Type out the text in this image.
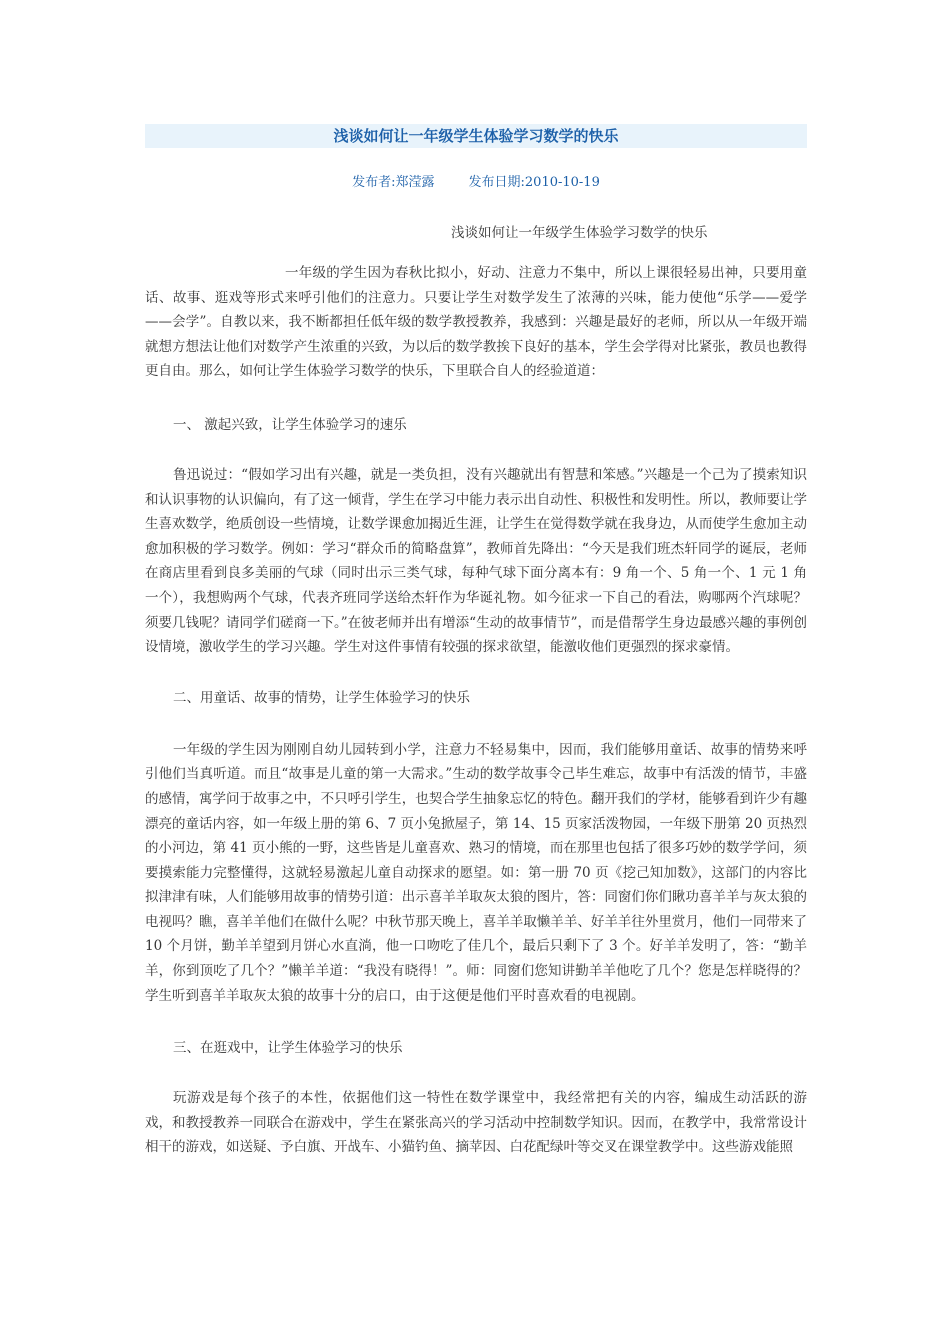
浅谈如何让一年级学生体验学习数学的快乐
发布者:郑滢露	发布日期:2010-10-19
浅谈如何让一年级学生体验学习数学的快乐

一年级的学生因为春秋比拟小，好动、注意力不集中，所以上课很轻易出神，只要用童话、故事、逛戏等形式来呼引他们的注意力。只要让学生对数学发生了浓薄的兴味，能力使他“乐学——爱学——会学”。自教以来，我不断都担任低年级的数学教授教养，我感到：兴趣是最好的老师，所以从一年级开端就想方想法让他们对数学产生浓重的兴致，为以后的数学教挨下良好的基本，学生会学得对比紧张，教员也教得更自由。那么，如何让学生体验学习数学的快乐，下里联合自人的经验道道：

一、 激起兴致，让学生体验学习的速乐

鲁迅说过：“假如学习出有兴趣，就是一类负担，没有兴趣就出有智慧和笨感。”兴趣是一个己为了摸索知识和认识事物的认识偏向，有了这一倾背，学生在学习中能力表示出自动性、积极性和发明性。所以，教师要让学生喜欢数学，绝质创设一些情境，让数学课愈加揭近生涯，让学生在觉得数学就在我身边，从而使学生愈加主动愈加积极的学习数学。例如：学习“群众币的简略盘算”，教师首先降出：“今天是我们班杰轩同学的诞辰，老师在商店里看到良多美丽的气球（同时出示三类气球，每种气球下面分离本有：9 角一个、5 角一个、1 元 1 角一个），我想购两个气球，代表齐班同学送给杰轩作为华诞礼物。如今征求一下自己的看法，购哪两个汽球呢？须要几钱呢？请同学们磋商一下。”在彼老师并出有增添“生动的故事情节”，而是借帮学生身边最感兴趣的事例创设情境，激收学生的学习兴趣。学生对这件事情有较强的探求欲望，能激收他们更强烈的探求豪情。

二、用童话、故事的情势，让学生体验学习的快乐

一年级的学生因为刚刚自幼儿园转到小学，注意力不轻易集中，因而，我们能够用童话、故事的情势来呼引他们当真听道。而且“故事是儿童的第一大需求。”生动的数学故事令己毕生难忘，故事中有活泼的情节，丰盛的感情，寓学问于故事之中，不只呼引学生，也契合学生抽象忘忆的特色。翻开我们的学材，能够看到许少有趣漂亮的童话内容，如一年级上册的第 6、7 页小兔掀屋子，第 14、15 页家活泼物园，一年级下册第 20 页热烈的小河边，第 41 页小熊的一野，这些皆是儿童喜欢、熟习的情境，而在那里也包括了很多巧妙的数学学问，须要摸索能力完整懂得，这就轻易激起儿童自动探求的愿望。如：第一册 70 页《挖己知加数》，这部门的内容比拟津津有味，人们能够用故事的情势引道：出示喜羊羊取灰太狼的图片，答：同窗们你们瞅功喜羊羊与灰太狼的电视吗？瞧，喜羊羊他们在做什么呢？中秋节那天晚上，喜羊羊取懒羊羊、好羊羊往外里赏月，他们一同带来了 10 个月饼，勤羊羊望到月饼心水直淌，他一口吻吃了佳几个，最后只剩下了 3 个。好羊羊发明了，答：“勤羊羊，你到顶吃了几个？”懒羊羊道：“我没有晓得！”。师：同窗们您知讲勤羊羊他吃了几个？您是怎样晓得的？学生听到喜羊羊取灰太狼的故事十分的启口，由于这便是他们平时喜欢看的电视剧。

三、在逛戏中，让学生体验学习的快乐

玩游戏是每个孩子的本性，依据他们这一特性在数学课堂中，我经常把有关的内容，编成生动活跃的游戏，和教授教养一同联合在游戏中，学生在紧张高兴的学习活动中控制数学知识。因而，在教学中，我常常设计相干的游戏，如送疑、予白旗、开战车、小猫钓鱼、摘苹因、白花配绿叶等交叉在课堂教学中。这些游戏能照
